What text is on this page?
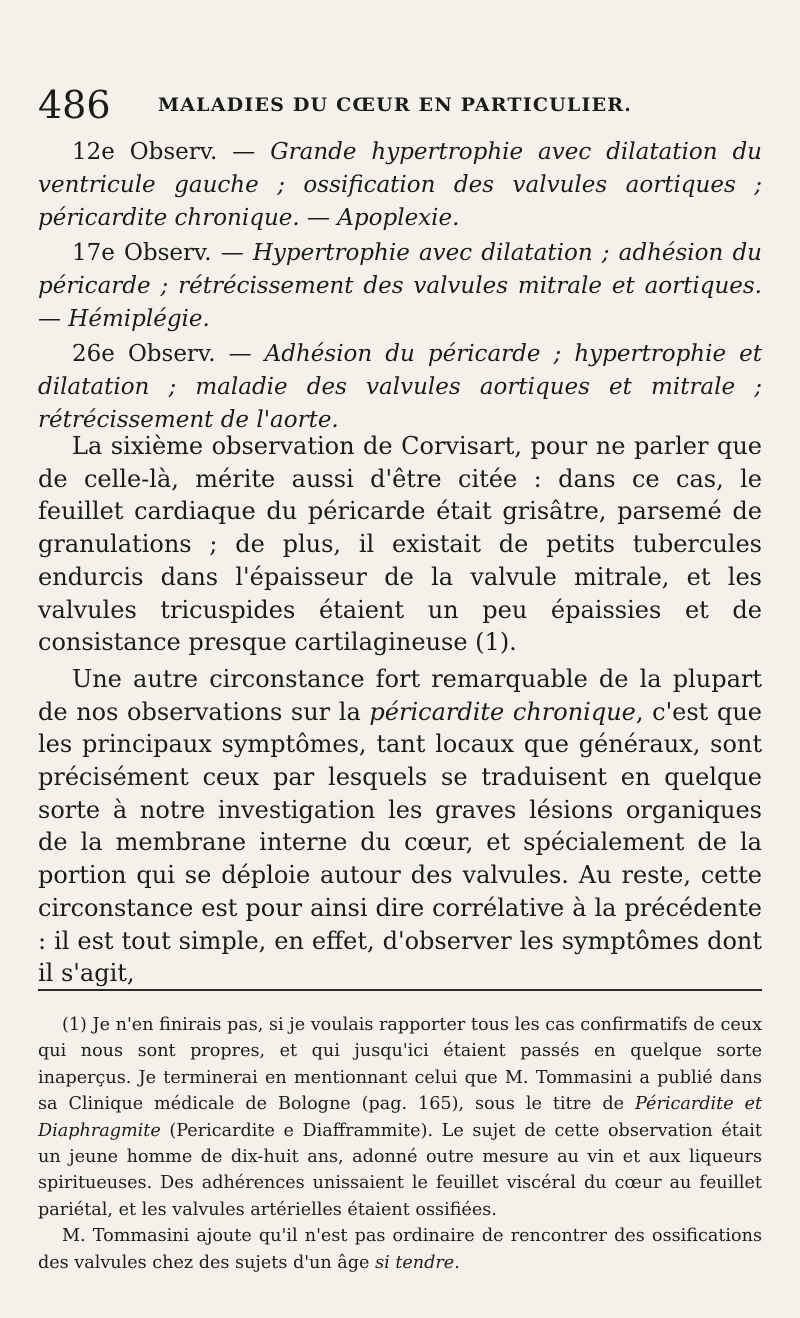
486 MALADIES DU CŒUR EN PARTICULIER.

12e Observ. — Grande hypertrophie avec dilatation du ventricule gauche ; ossification des valvules aortiques ; péricardite chronique. — Apoplexie.

17e Observ. — Hypertrophie avec dilatation ; adhésion du péricarde ; rétrécissement des valvules mitrale et aortiques. — Hémiplégie.

26e Observ. — Adhésion du péricarde ; hypertrophie et dilatation ; maladie des valvules aortiques et mitrale ; rétrécissement de l'aorte.

La sixième observation de Corvisart, pour ne parler que de celle-là, mérite aussi d'être citée : dans ce cas, le feuillet cardiaque du péricarde était grisâtre, parsemé de granulations ; de plus, il existait de petits tubercules endurcis dans l'épaisseur de la valvule mitrale, et les valvules tricuspides étaient un peu épaissies et de consistance presque cartilagineuse (1).

Une autre circonstance fort remarquable de la plupart de nos observations sur la péricardite chronique, c'est que les principaux symptômes, tant locaux que généraux, sont précisément ceux par lesquels se traduisent en quelque sorte à notre investigation les graves lésions organiques de la membrane interne du cœur, et spécialement de la portion qui se déploie autour des valvules. Au reste, cette circonstance est pour ainsi dire corrélative à la précédente : il est tout simple, en effet, d'observer les symptômes dont il s'agit,

(1) Je n'en finirais pas, si je voulais rapporter tous les cas confirmatifs de ceux qui nous sont propres, et qui jusqu'ici étaient passés en quelque sorte inaperçus. Je terminerai en mentionnant celui que M. Tommasini a publié dans sa Clinique médicale de Bologne (pag. 165), sous le titre de Péricardite et Diaphragmite (Pericardite e Diafframmite). Le sujet de cette observation était un jeune homme de dix-huit ans, adonné outre mesure au vin et aux liqueurs spiritueuses. Des adhérences unissaient le feuillet viscéral du cœur au feuillet pariétal, et les valvules artérielles étaient ossifiées.

M. Tommasini ajoute qu'il n'est pas ordinaire de rencontrer des ossifications des valvules chez des sujets d'un âge si tendre.
